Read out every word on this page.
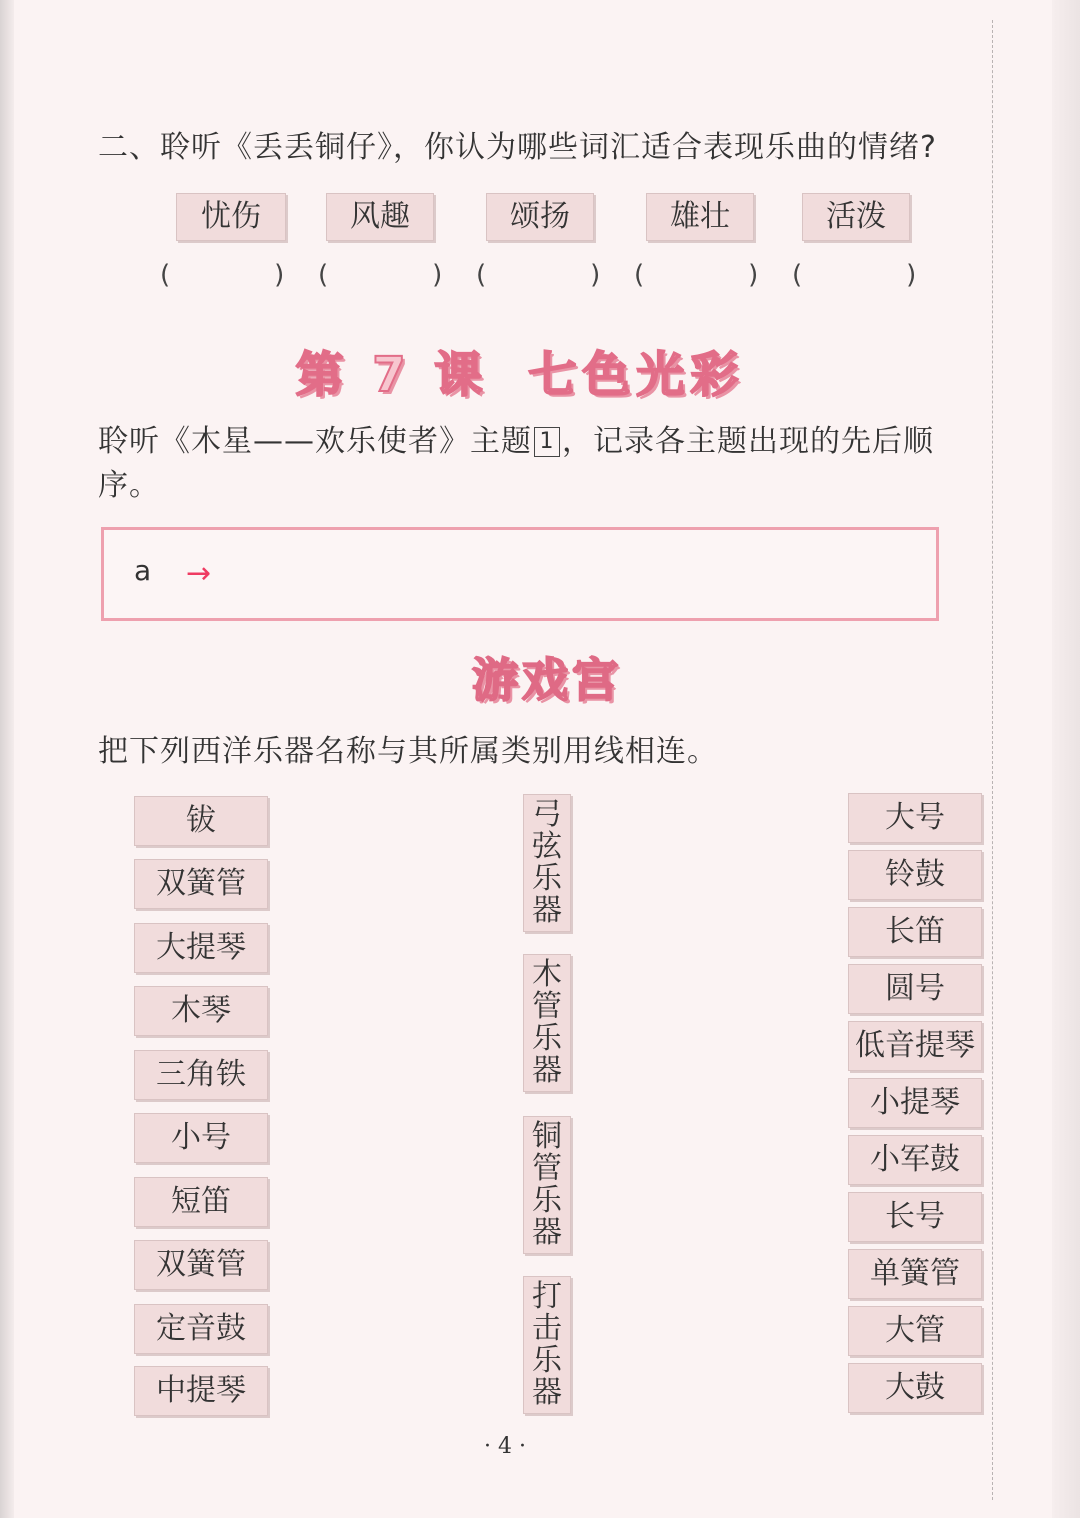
二、聆听《丢丢铜仔》，你认为哪些词汇适合表现乐曲的情绪?
忧伤	风趣	颂扬	雄壮	活泼
(　　　　) (　　　　) (　　　　) (　　　　) (　　　　)
第 7 课 七色光彩
聆听《木星——欢乐使者》主题 1 ，记录各主题出现的先后顺序。
a →
游戏宫
把下列西洋乐器名称与其所属类别用线相连。
钹
双簧管
大提琴
木琴
三角铁
小号
短笛
双簧管
定音鼓
中提琴
弓
弦
乐
器
木
管
乐
器
铜
管
乐
器
打
击
乐
器
大号
铃鼓
长笛
圆号
低音提琴
小提琴
小军鼓
长号
单簧管
大管
大鼓
· 4 ·
